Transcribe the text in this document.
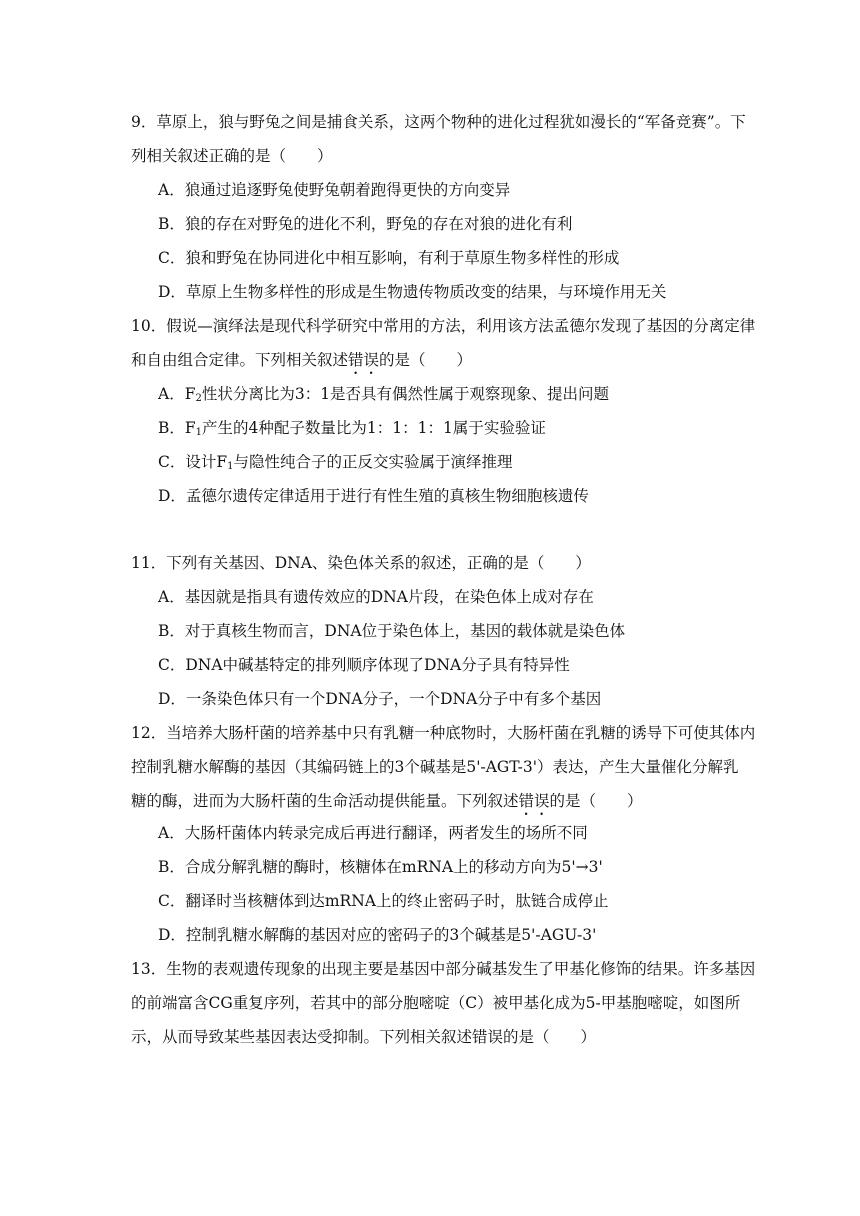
9．草原上，狼与野兔之间是捕食关系，这两个物种的进化过程犹如漫长的“军备竞赛”。下
列相关叙述正确的是（　　）
A．狼通过追逐野兔使野兔朝着跑得更快的方向变异
B．狼的存在对野兔的进化不利，野兔的存在对狼的进化有利
C．狼和野兔在协同进化中相互影响，有利于草原生物多样性的形成
D．草原上生物多样性的形成是生物遗传物质改变的结果，与环境作用无关
10．假说—演绎法是现代科学研究中常用的方法，利用该方法孟德尔发现了基因的分离定律
和自由组合定律。下列相关叙述错误的是（　　）
A．$F_2$性状分离比为3：1是否具有偶然性属于观察现象、提出问题
B．$F_1$产生的4种配子数量比为1：1：1：1属于实验验证
C．设计$F_1$与隐性纯合子的正反交实验属于演绎推理
D．孟德尔遗传定律适用于进行有性生殖的真核生物细胞核遗传
11．下列有关基因、DNA、染色体关系的叙述，正确的是（　　）
A．基因就是指具有遗传效应的DNA片段，在染色体上成对存在
B．对于真核生物而言，DNA位于染色体上，基因的载体就是染色体
C．DNA中碱基特定的排列顺序体现了DNA分子具有特异性
D．一条染色体只有一个DNA分子，一个DNA分子中有多个基因
12．当培养大肠杆菌的培养基中只有乳糖一种底物时，大肠杆菌在乳糖的诱导下可使其体内
控制乳糖水解酶的基因（其编码链上的3个碱基是5'-AGT-3'）表达，产生大量催化分解乳
糖的酶，进而为大肠杆菌的生命活动提供能量。下列叙述错误的是（　　）
A．大肠杆菌体内转录完成后再进行翻译，两者发生的场所不同
B．合成分解乳糖的酶时，核糖体在mRNA上的移动方向为5'→3'
C．翻译时当核糖体到达mRNA上的终止密码子时，肽链合成停止
D．控制乳糖水解酶的基因对应的密码子的3个碱基是5'-AGU-3'
13．生物的表观遗传现象的出现主要是基因中部分碱基发生了甲基化修饰的结果。许多基因
的前端富含CG重复序列，若其中的部分胞嘧啶（C）被甲基化成为5-甲基胞嘧啶，如图所
示，从而导致某些基因表达受抑制。下列相关叙述错误的是（　　）
